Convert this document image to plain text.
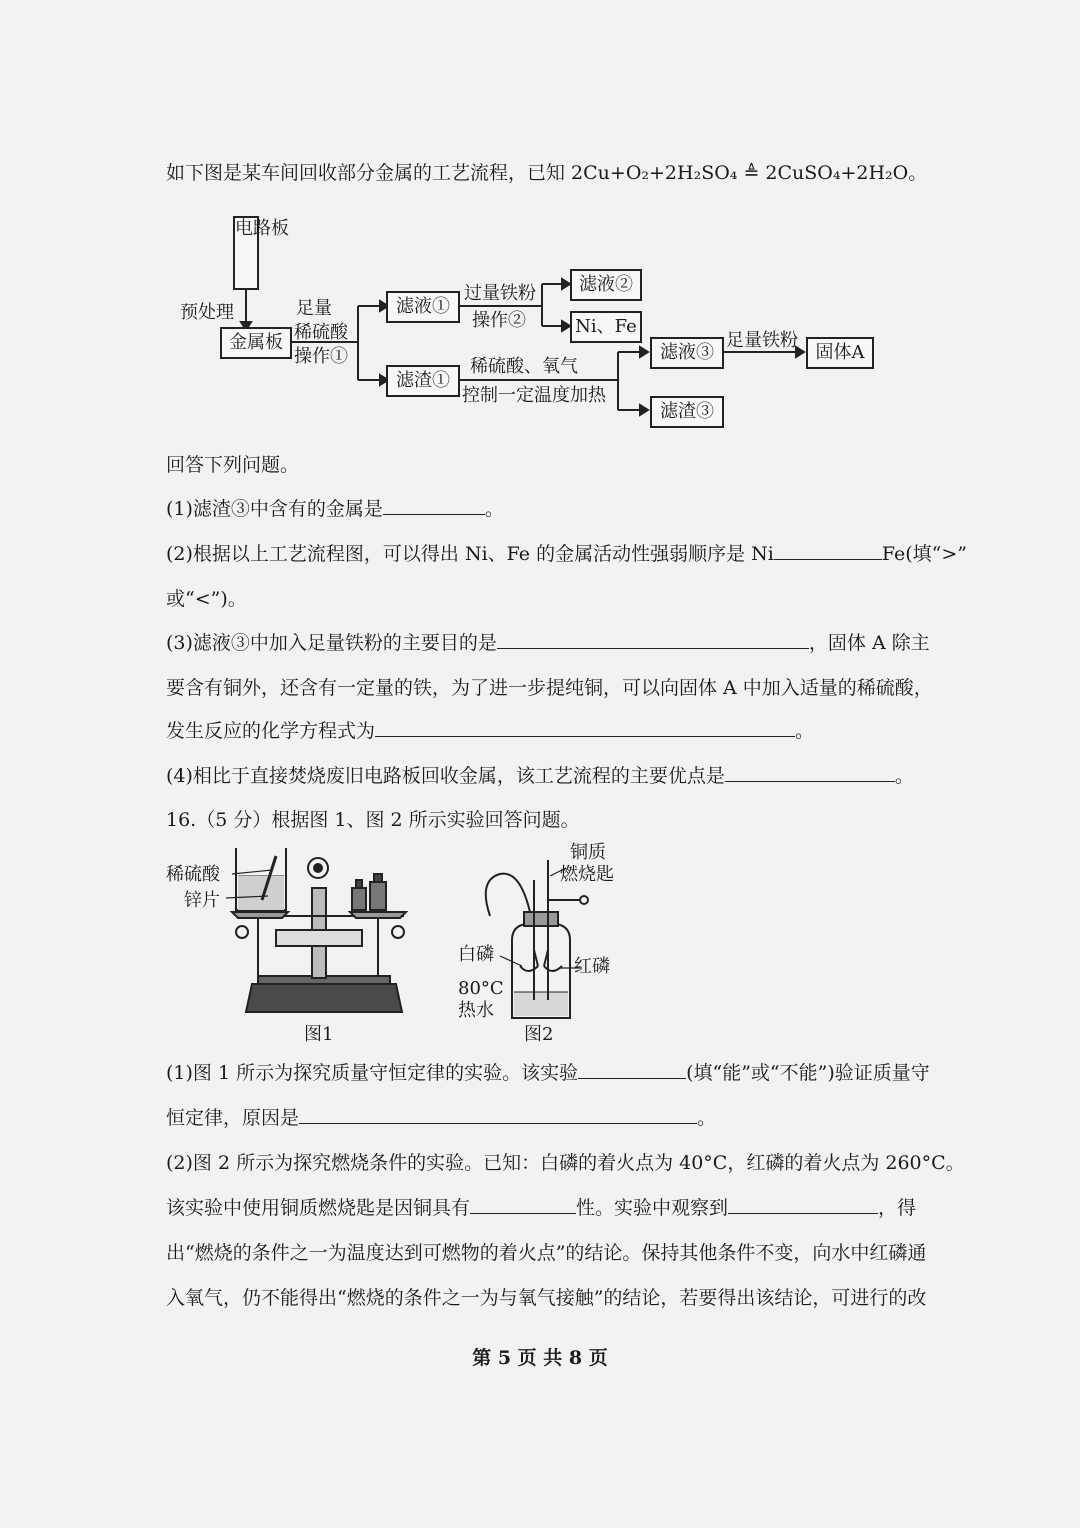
如下图是某车间回收部分金属的工艺流程，已知 2Cu+O₂+2H₂SO₄ ≜ 2CuSO₄+2H₂O。
电路板
预处理
金属板
足量
稀硫酸
操作①
滤液①
过量铁粉
操作②
滤液②
Ni、Fe
滤渣①
稀硫酸、氧气
控制一定温度加热
滤液③
滤渣③
足量铁粉
固体A
回答下列问题。
(1)滤渣③中含有的金属是	。
(2)根据以上工艺流程图，可以得出 Ni、Fe 的金属活动性强弱顺序是 Ni	Fe(填“>”
或“<”)。
(3)滤液③中加入足量铁粉的主要目的是	，固体 A 除主
要含有铜外，还含有一定量的铁，为了进一步提纯铜，可以向固体 A 中加入适量的稀硫酸，
发生反应的化学方程式为	。
(4)相比于直接焚烧废旧电路板回收金属，该工艺流程的主要优点是	。
16.（5 分）根据图 1、图 2 所示实验回答问题。
稀硫酸
锌片
图1
铜质
燃烧匙
白磷
红磷
80°C
热水
图2
(1)图 1 所示为探究质量守恒定律的实验。该实验	(填“能”或“不能”)验证质量守
恒定律，原因是	。
(2)图 2 所示为探究燃烧条件的实验。已知：白磷的着火点为 40°C，红磷的着火点为 260°C。
该实验中使用铜质燃烧匙是因铜具有	性。实验中观察到	，得
出“燃烧的条件之一为温度达到可燃物的着火点”的结论。保持其他条件不变，向水中红磷通
入氧气，仍不能得出“燃烧的条件之一为与氧气接触”的结论，若要得出该结论，可进行的改
第 5 页 共 8 页
